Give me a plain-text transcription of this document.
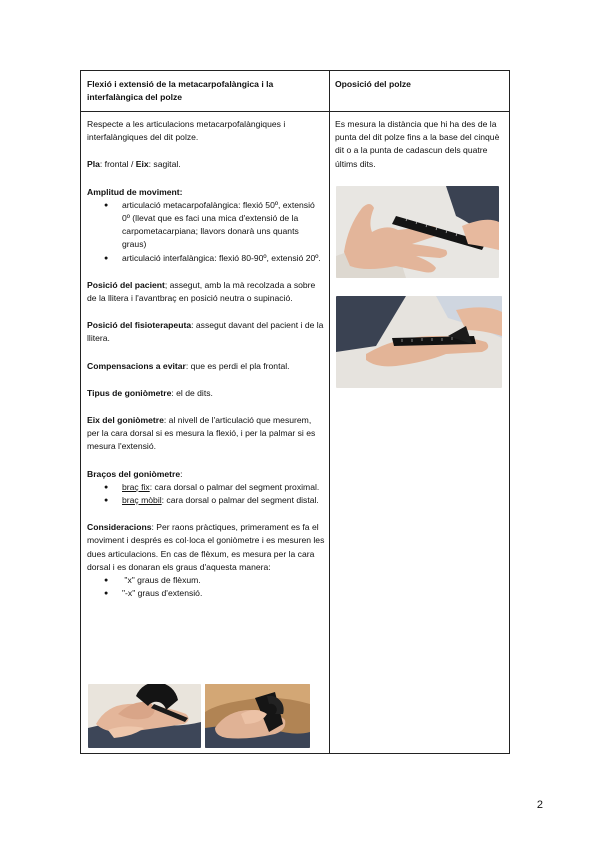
Flexió i extensió de la metacarpofalàngica i la interfalàngica del polze
Oposició del polze

Respecte a les articulacions metacarpofalàngiques i interfalàngiques del dit polze.

Pla: frontal / Eix: sagital.

Amplitud de moviment:

● articulació metacarpofalàngica: flexió 50º, extensió 0º (llevat que es faci una mica d'extensió de la carpometacarpiana; llavors donarà uns quants graus)
● articulació interfalàngica: flexió 80-90º, extensió 20º.

Posició del pacient; assegut, amb la mà recolzada a sobre de la llitera i l'avantbraç en posició neutra o supinació.

Posició del fisioterapeuta: assegut davant del pacient i de la llitera.

Compensacions a evitar: que es perdi el pla frontal.

Tipus de goniòmetre: el de dits.

Eix del goniòmetre: al nivell de l'articulació que mesurem, per la cara dorsal si es mesura la flexió, i per la palmar si es mesura l'extensió.

Braços del goniòmetre:

● braç fix: cara dorsal o palmar del segment proximal.
● braç mòbil: cara dorsal o palmar del segment distal.

Consideracions: Per raons pràctiques, primerament es fa el moviment i després es col·loca el goniòmetre i es mesuren les dues articulacions. En cas de flèxum, es mesura per la cara dorsal i es donaran els graus d'aquesta manera:

●  "x" graus de flèxum.
● "-x" graus d'extensió.

Es mesura la distància que hi ha des de la punta del dit polze fins a la base del cinquè dit o a la punta de cadascun dels quatre últims dits.

2
